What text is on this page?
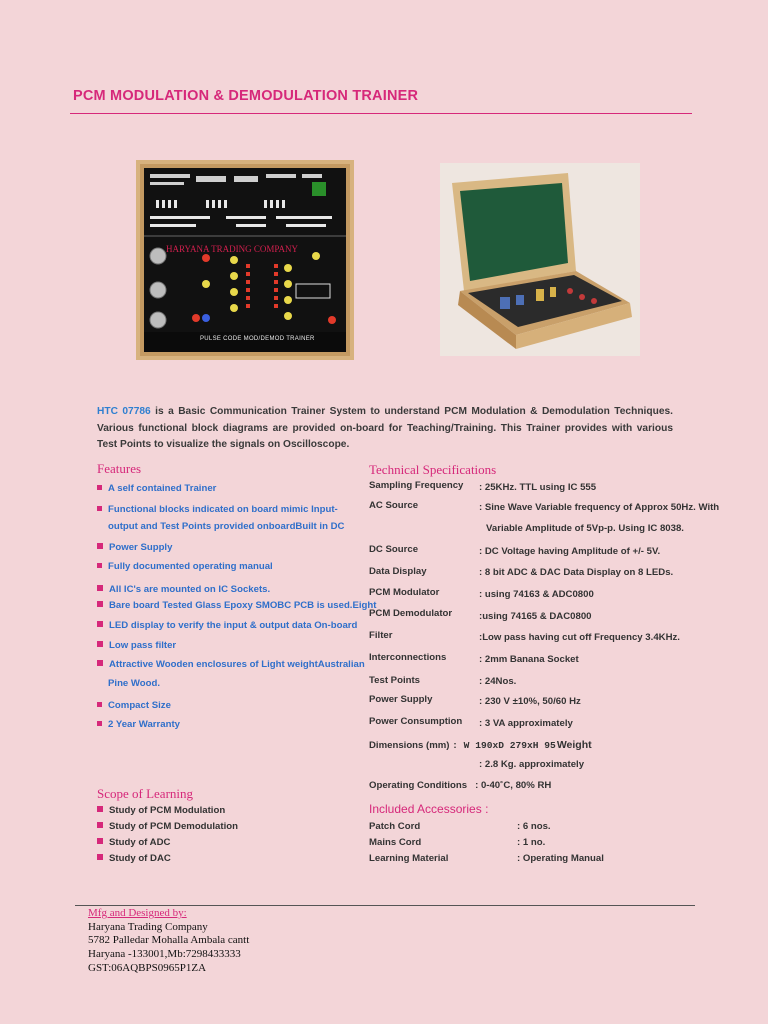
PCM MODULATION & DEMODULATION TRAINER
HARYANA TRADING COMPANY
PULSE CODE MOD/DEMOD TRAINER
HTC 07786 is a Basic Communication Trainer System to understand PCM Modulation & Demodulation Techniques. Various functional block diagrams are provided on-board for Teaching/Training. This Trainer provides with various Test Points to visualize the signals on Oscilloscope.
Features
A self contained Trainer
Functional blocks indicated on board mimic Input-
output and Test Points provided onboardBuilt in DC
Power Supply
Fully documented operating manual
All IC's are mounted on IC Sockets.
Bare board Tested Glass Epoxy SMOBC PCB is used.Eight
LED display to verify the input & output data On-board
Low pass filter
Attractive Wooden enclosures of Light weightAustralian
Pine Wood.
Compact Size
2 Year Warranty
Scope of Learning
Study of PCM Modulation
Study of PCM Demodulation
Study of ADC
Study of DAC
Technical Specifications
Sampling Frequency : 25KHz. TTL using IC 555
AC Source	: Sine Wave Variable frequency of Approx 50Hz. With
Variable Amplitude of 5Vp-p. Using IC 8038.
DC Source	: DC Voltage having Amplitude of +/- 5V.
Data Display	: 8 bit ADC & DAC Data Display on 8 LEDs.
PCM Modulator	: using 74163 & ADC0800
PCM Demodulator	:using 74165 & DAC0800
Filter	:Low pass having cut off Frequency 3.4KHz.
Interconnections	: 2mm Banana Socket
Test Points	: 24Nos.
Power Supply	: 230 V ±10%, 50/60 Hz
Power Consumption : 3 VA approximately
Dimensions (mm) : W 190xD 279xH 95Weight
: 2.8 Kg. approximately
Operating Conditions : 0-40˚C, 80% RH
Included Accessories :
Patch Cord	: 6 nos.
Mains Cord	: 1 no.
Learning Material	: Operating Manual
Mfg and Designed by:
Haryana Trading Company
5782 Palledar Mohalla Ambala cantt
Haryana -133001,Mb:7298433333
GST:06AQBPS0965P1ZA
